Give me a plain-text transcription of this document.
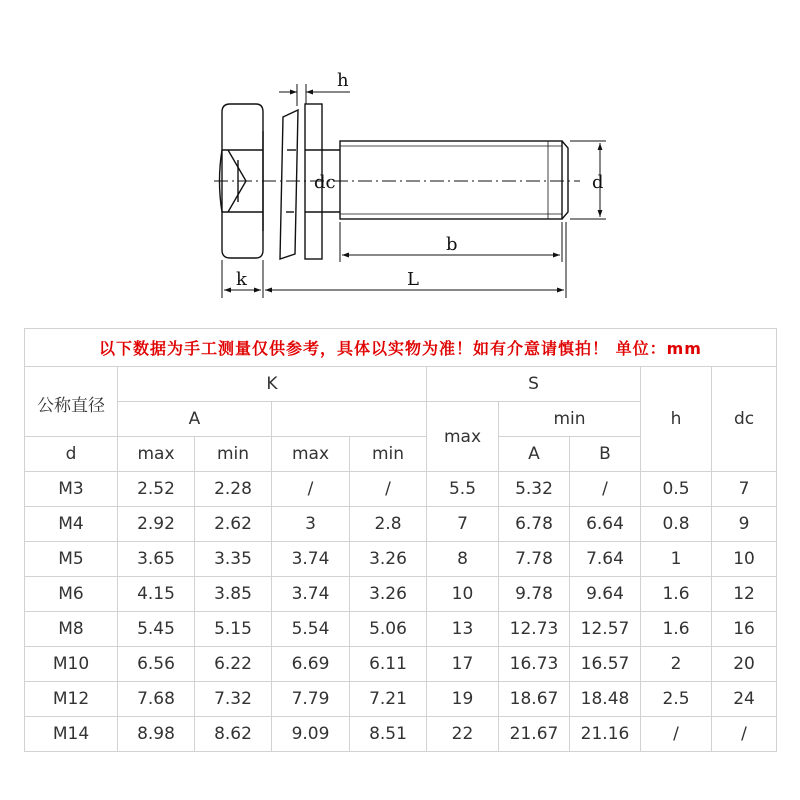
h
dc	d
b
k	L
以下数据为手工测量仅供参考，具体以实物为准！如有介意请慎拍！ 单位：mm									
公称直径	K				S			h	dc
	A				max	min			
d	max	min	max	min		A	B		
M3	2.52	2.28	/	/	5.5	5.32	/	0.5	7
M4	2.92	2.62	3	2.8	7	6.78	6.64	0.8	9
M5	3.65	3.35	3.74	3.26	8	7.78	7.64	1	10
M6	4.15	3.85	3.74	3.26	10	9.78	9.64	1.6	12
M8	5.45	5.15	5.54	5.06	13	12.73	12.57	1.6	16
M10	6.56	6.22	6.69	6.11	17	16.73	16.57	2	20
M12	7.68	7.32	7.79	7.21	19	18.67	18.48	2.5	24
M14	8.98	8.62	9.09	8.51	22	21.67	21.16	/	/
